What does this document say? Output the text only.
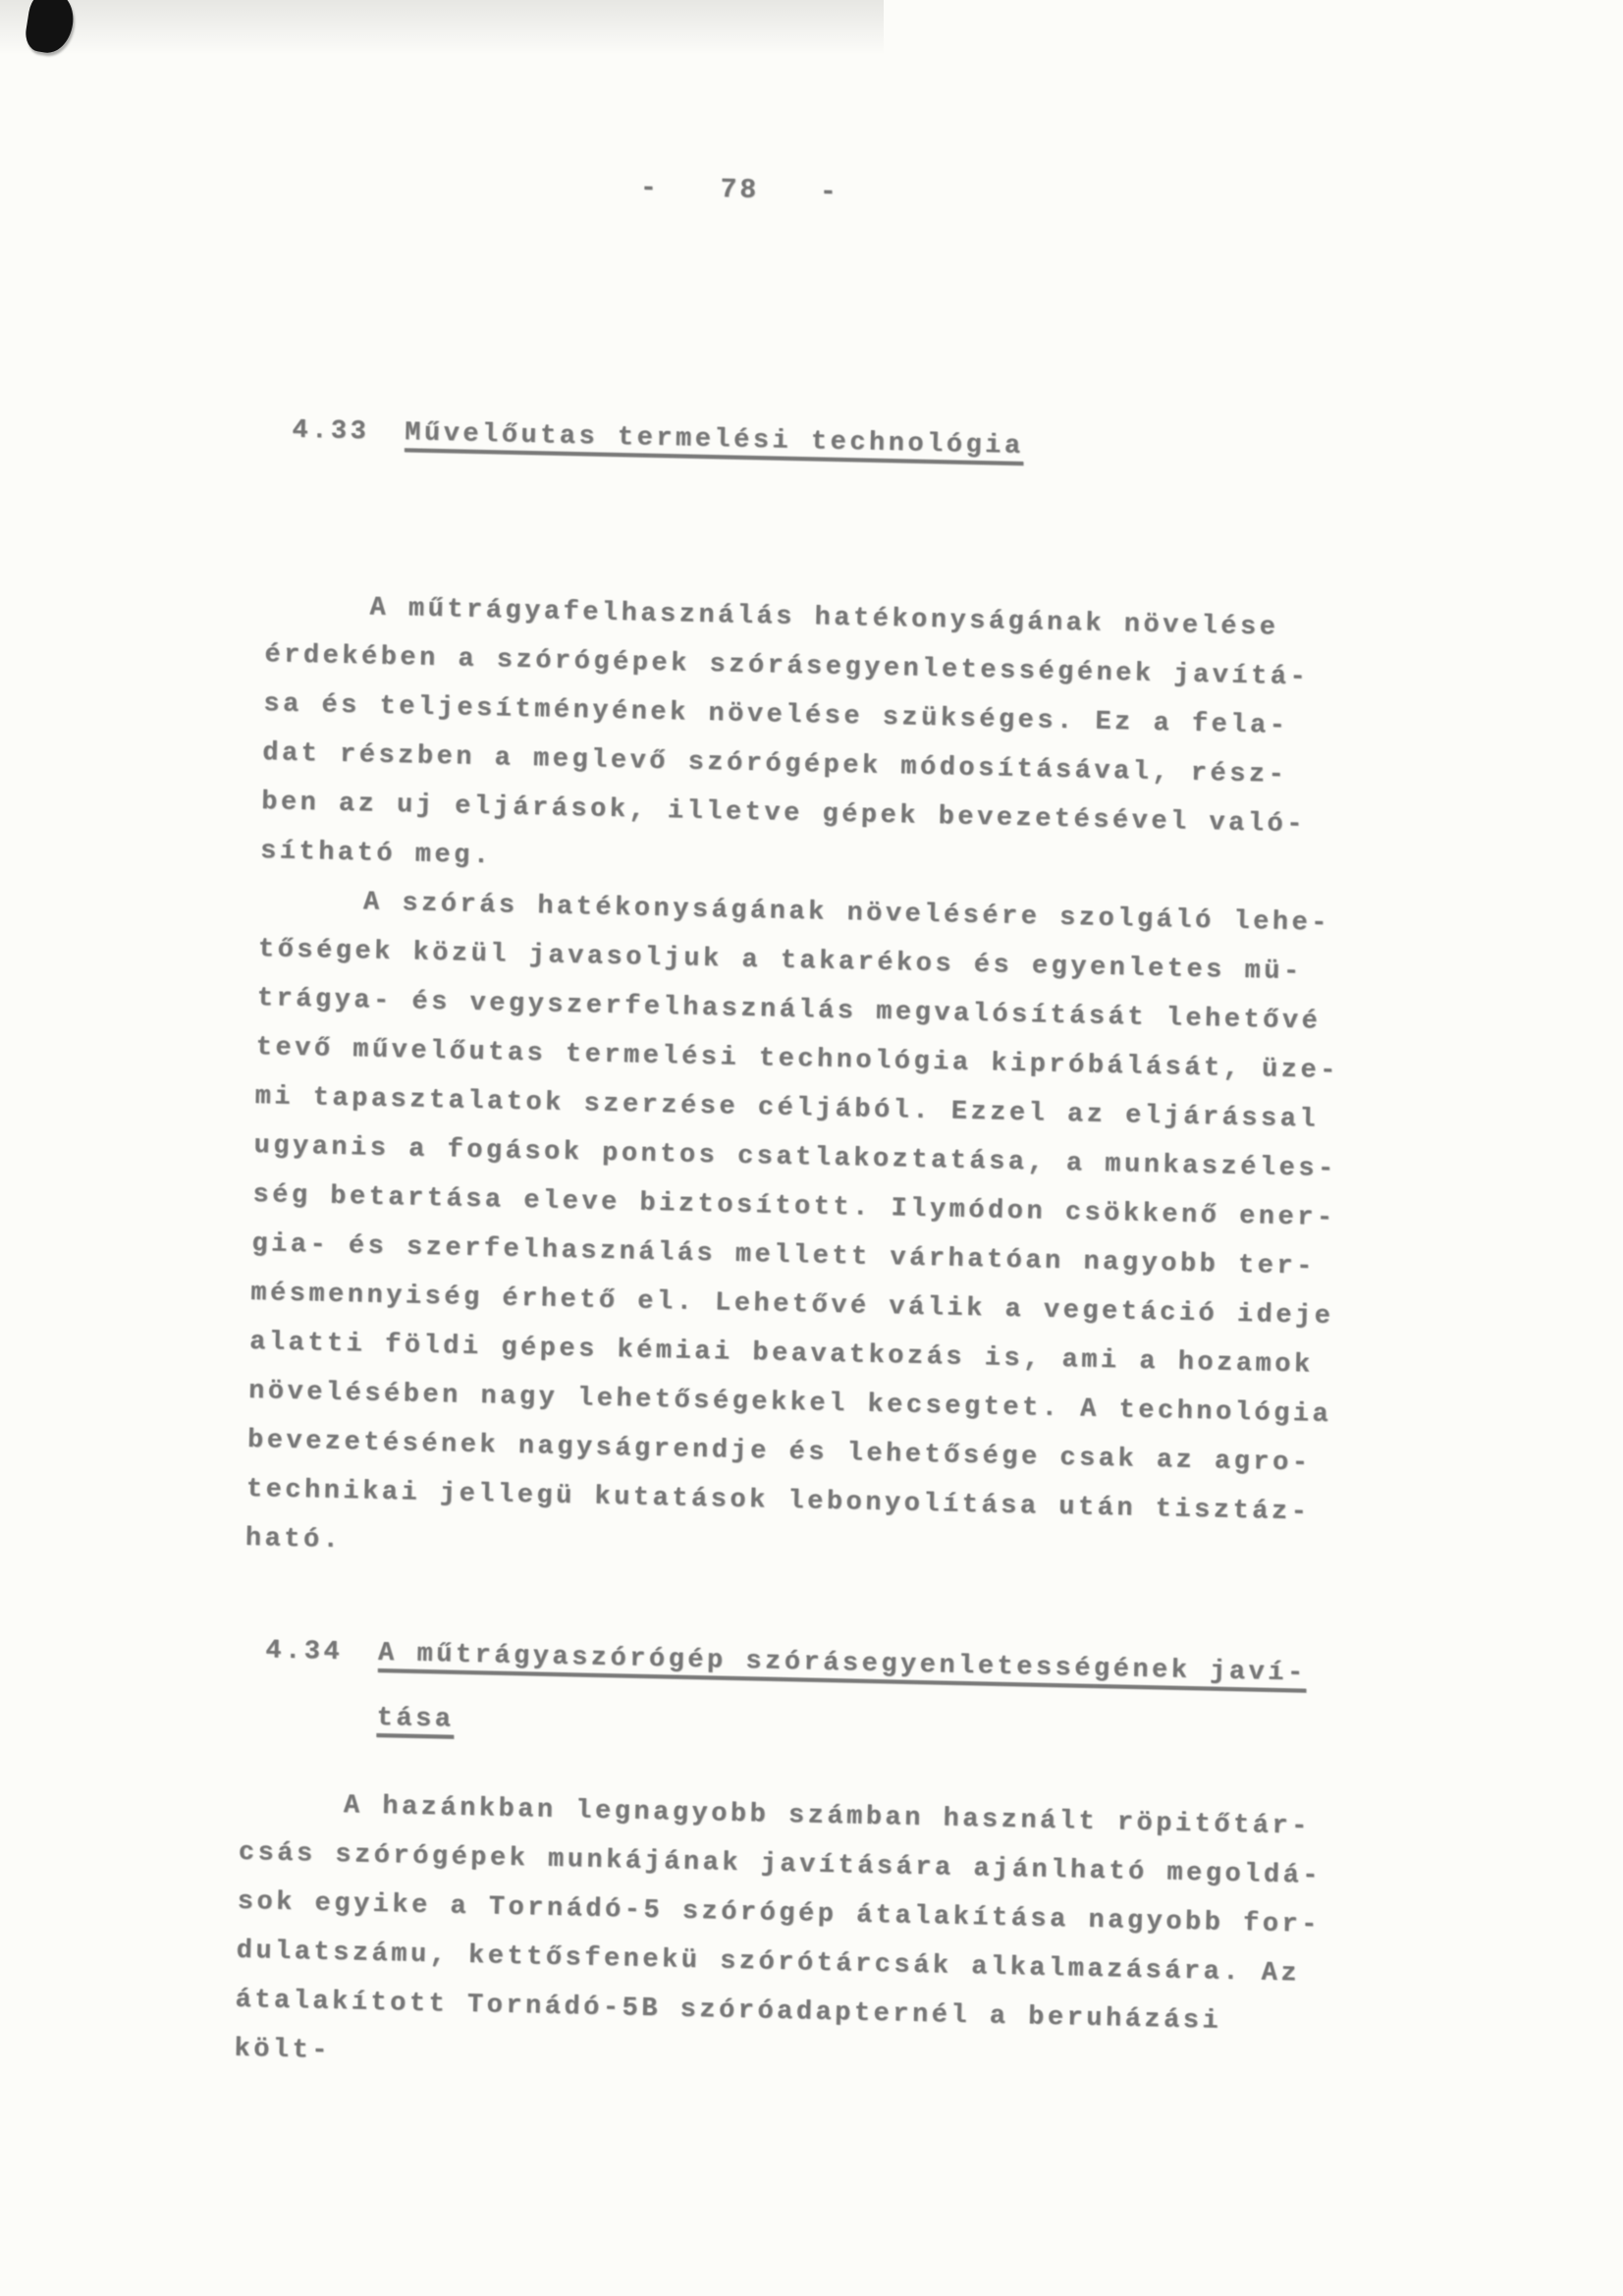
- 78 -
4.33 Művelőutas termelési technológia

A műtrágyafelhasználás hatékonyságának növelése
érdekében a szórógépek szórásegyenletességének javítá-
sa és teljesítményének növelése szükséges. Ez a fela-
dat részben a meglevő szórógépek módosításával, rész-
ben az uj eljárások, illetve gépek bevezetésével való-
sítható meg.

A szórás hatékonyságának növelésére szolgáló lehe-
tőségek közül javasoljuk a takarékos és egyenletes mü-
trágya- és vegyszerfelhasználás megvalósítását lehetővé
tevő művelőutas termelési technológia kipróbálását, üze-
mi tapasztalatok szerzése céljából. Ezzel az eljárással
ugyanis a fogások pontos csatlakoztatása, a munkaszéles-
ség betartása eleve biztosított. Ilymódon csökkenő ener-
gia- és szerfelhasználás mellett várhatóan nagyobb ter-
mésmennyiség érhető el. Lehetővé válik a vegetáció ideje
alatti földi gépes kémiai beavatkozás is, ami a hozamok
növelésében nagy lehetőségekkel kecsegtet. A technológia
bevezetésének nagyságrendje és lehetősége csak az agro-
technikai jellegü kutatások lebonyolítása után tisztáz-
ható.

4.34 A műtrágyaszórógép szórásegyenletességének javí-
tása

A hazánkban legnagyobb számban használt röpitőtár-
csás szórógépek munkájának javítására ajánlható megoldá-
sok egyike a Tornádó-5 szórógép átalakítása nagyobb for-
dulatszámu, kettősfenekü szórótárcsák alkalmazására. Az
átalakított Tornádó-5B szóróadapternél a beruházási költ-
